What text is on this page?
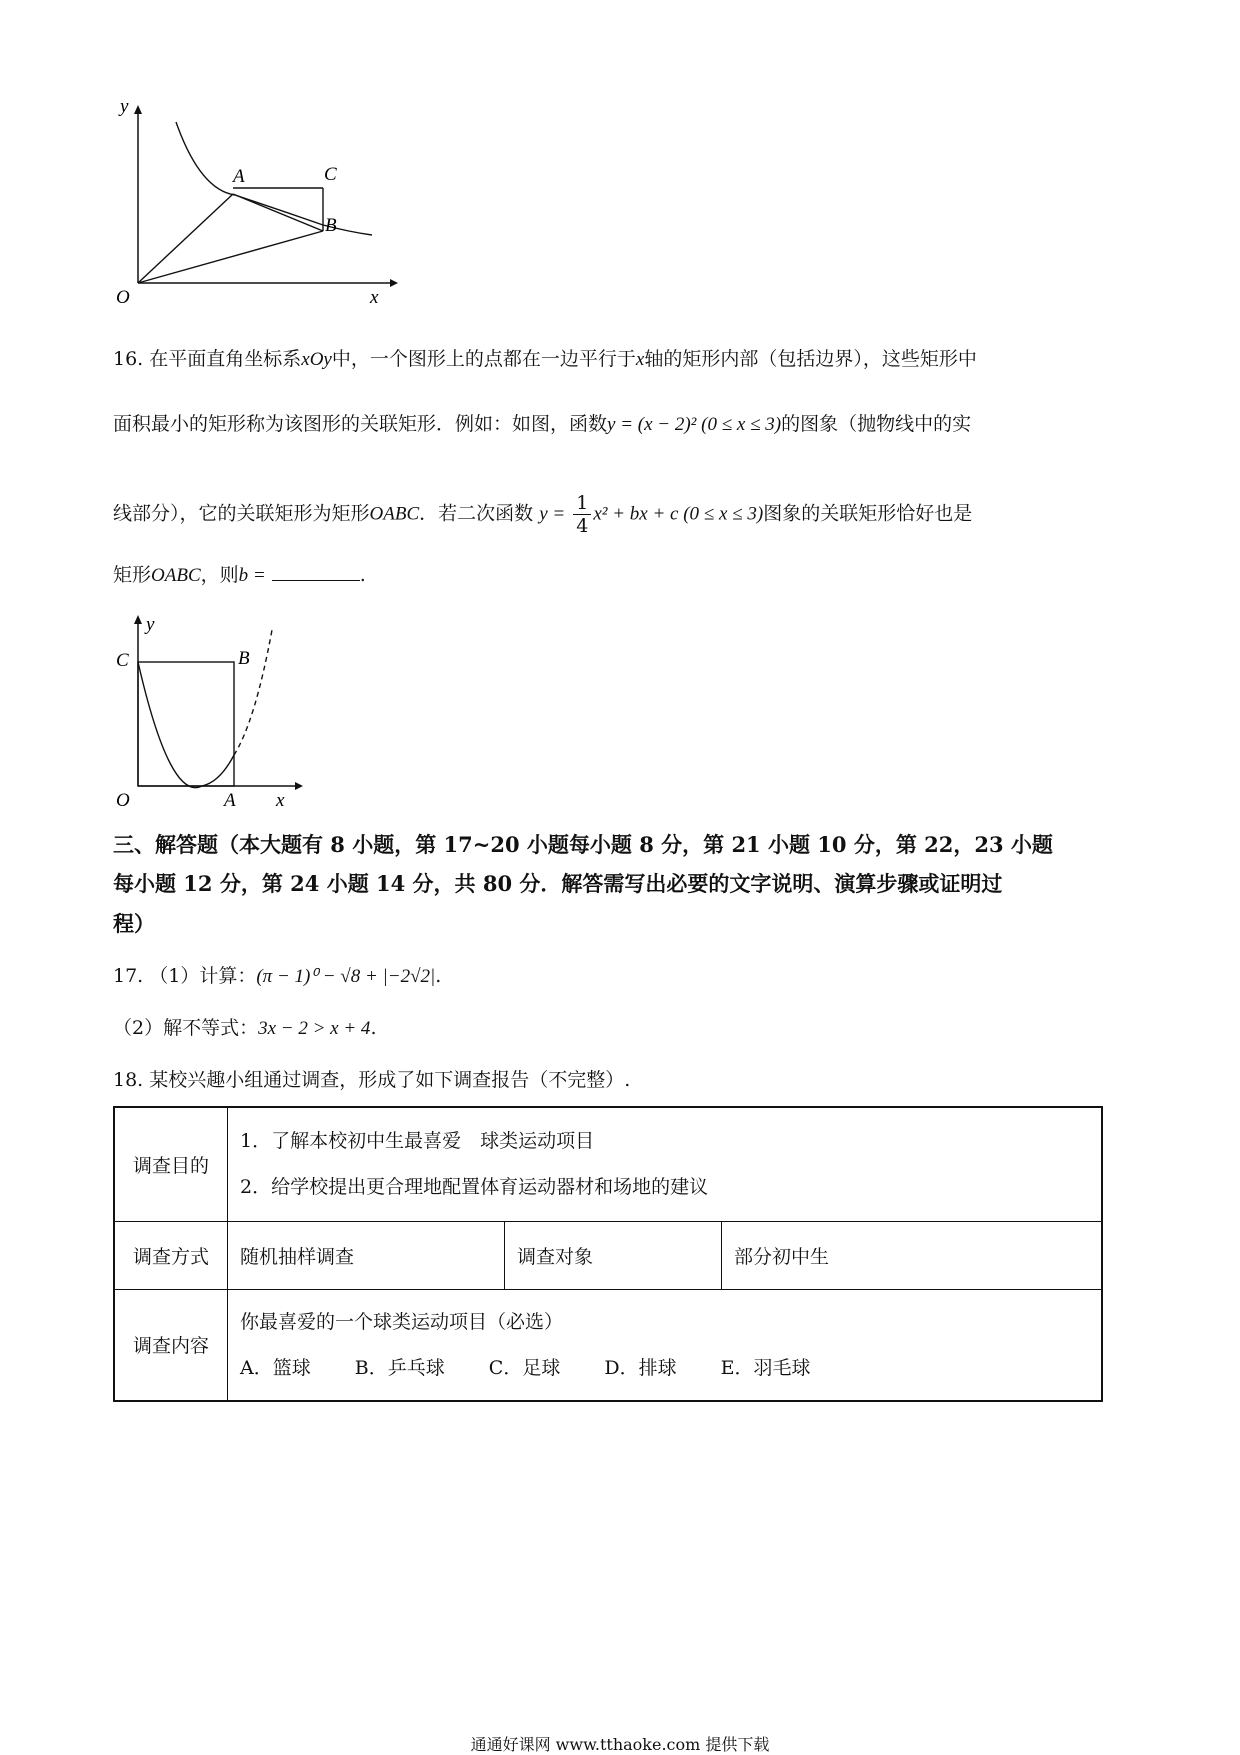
y
x
O
A	C
B
16. 在平面直角坐标系xOy中，一个图形上的点都在一边平行于x轴的矩形内部（包括边界），这些矩形中
面积最小的矩形称为该图形的关联矩形．例如：如图，函数y = (x − 2)² (0 ≤ x ≤ 3)的图象（抛物线中的实
线部分），它的关联矩形为矩形OABC．若二次函数 $y = \frac{1}{4} x^2$ + bx + c (0 ≤ x ≤ 3)图象的关联矩形恰好也是
矩形OABC，则b =	.
y
x
O	A
B
C
三、解答题（本大题有 8 小题，第 17~20 小题每小题 8 分，第 21 小题 10 分，第 22，23 小题
每小题 12 分，第 24 小题 14 分，共 80 分．解答需写出必要的文字说明、演算步骤或证明过
程）
17. （1）计算：(π − 1)⁰ − √8 + |−2√2|.
（2）解不等式：3x − 2 > x + 4.
18. 某校兴趣小组通过调查，形成了如下调查报告（不完整）.
调查目的	1．了解本校初中生最喜爱　球类运动项目
2．给学校提出更合理地配置体育运动器材和场地的建议		

调查方式	随机抽样调查	调查对象	部分初中生
调查内容	你最喜爱的一个球类运动项目（必选）
A．篮球 B．乒乓球 C．足球 D．排球 E．羽毛球		
通通好课网 www.tthaoke.com 提供下载
